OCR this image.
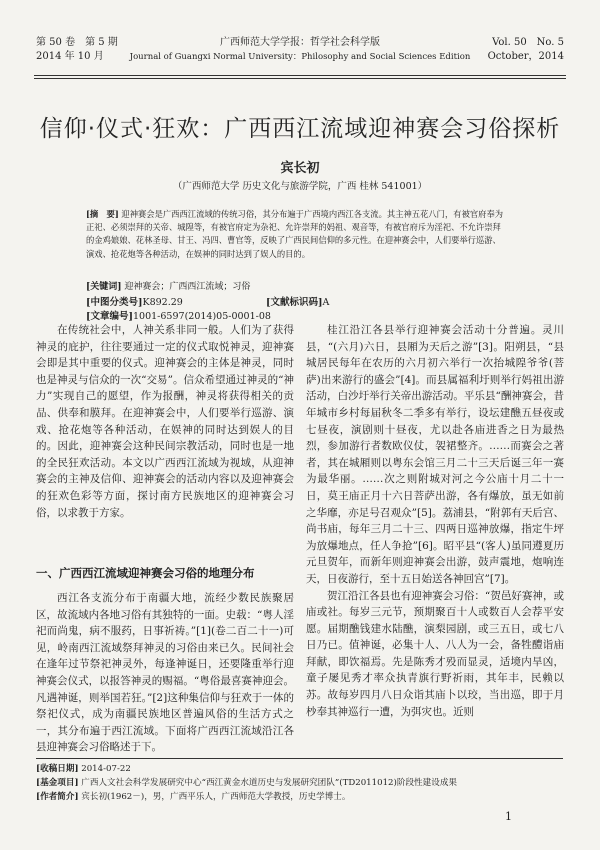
第 50 卷　第 5 期
2014 年 10 月
广西师范大学学报：哲学社会科学版
Journal of Guangxi Normal University：Philosophy and Social Sciences Edition
Vol. 50　No. 5
October，2014
信仰·仪式·狂欢：广西西江流域迎神赛会习俗探析
宾长初
（广西师范大学 历史文化与旅游学院，广西 桂林 541001）
[摘　要] 迎神赛会是广西西江流域的传统习俗，其分布遍于广西境内西江各支流。其主神五花八门，有被官府奉为正祀、必须崇拜的关帝、城隍等，有被官府定为杂祀、允许崇拜的妈祖、观音等，有被官府斥为淫祀、不允许崇拜的金鸡娘娘、花林圣母、甘王、冯四、曹官等，反映了广西民间信仰的多元性。在迎神赛会中，人们要举行巡游、演戏、抢花炮等各种活动，在娱神的同时达到了娱人的目的。
[关键词] 迎神赛会；广西西江流域；习俗
[中图分类号]K892.29	[文献标识码]A[文章编号]1001-6597(2014)05-0001-08

在传统社会中，人神关系非同一般。人们为了获得神灵的庇护，往往要通过一定的仪式取悦神灵，迎神赛会即是其中重要的仪式。迎神赛会的主体是神灵，同时也是神灵与信众的一次“交易”。信众希望通过神灵的“神力”实现自己的愿望，作为报酬，神灵将获得相关的贡品、供奉和膜拜。在迎神赛会中，人们要举行巡游、演戏、抢花炮等各种活动，在娱神的同时达到娱人的目的。因此，迎神赛会这种民间宗教活动，同时也是一地的全民狂欢活动。本文以广西西江流域为视域，从迎神赛会的主神及信仰、迎神赛会的活动内容以及迎神赛会的狂欢色彩等方面，探讨南方民族地区的迎神赛会习俗，以求教于方家。

一、广西西江流域迎神赛会习俗的地理分布

西江各支流分布于南疆大地，流经少数民族聚居区，故流域内各地习俗有其独特的一面。史载：“粤人淫祀而尚鬼，病不服药，日事祈祷。”[1](卷二百二十一)可见，岭南西江流域祭拜神灵的习俗由来已久。民间社会在逢年过节祭祀神灵外，每逢神诞日，还要隆重举行迎神赛会仪式，以报答神灵的赐福。“粤俗最喜赛神迎会。凡遇神诞，则举国若狂。”[2]这种集信仰与狂欢于一体的祭祀仪式，成为南疆民族地区普遍风俗的生活方式之一，其分布遍于西江流域。下面将广西西江流域沿江各县迎神赛会习俗略述于下。

桂江沿江各县举行迎神赛会活动十分普遍。灵川县，“(六月)六日，县厢为天后之游”[3]。阳朔县，“县城居民每年在农历的六月初六举行一次抬城隍爷爷(菩萨)出来游行的盛会”[4]。而县属福利圩则举行妈祖出游活动，白沙圩举行关帝出游活动。平乐县“酬神赛会，昔年城市乡村每届秋冬二季多有举行，设坛建醮五昼夜或七昼夜，演剧则十昼夜，尤以赴各庙进香之日为最热烈，参加游行者数欧仪仗，袈裙整齐。……而赛会之著者，其在城厢则以粤东会馆三月二十三天后诞三年一赛为最华丽。……次之则附城对河之今公庙十月二十一日，莫王庙正月十六日菩萨出游，各有爆放，虽无如前之华靡，亦足号召观众”[5]。荔浦县，“附郭有天后宫、尚书庙，每年三月二十三、四两日巡神放爆，指定牛坪为放爆地点，任人争抢”[6]。昭平县“(客人)虽同遵夏历元旦贺年，而新年则迎神赛会出游，鼓声震地，炮响连天，日夜游行，至十五日始送各神回宫”[7]。

贺江沿江各县也有迎神赛会习俗：“贺邑好赛神，或庙或社。每岁三元节，预期聚百十人或数百人会荐平安愿。届期醮钱建水陆醮，演梨园剧，或三五日，或七八日乃已。值神诞，必集十人、八人为一会，备牲醴诣庙拜献，即饮福焉。先是陈秀才殁而显灵，适境内旱凶，童子屡见秀才率众执青旗行野祈雨，其年丰，民赖以苏。故每岁四月八日众诣其庙卜以珓，当出巡，即于月杪奉其神巡行一遭，为弭灾也。近则

[收稿日期] 2014-07-22
[基金项目] 广西人文社会科学发展研究中心“西江黄金水道历史与发展研究团队”(TD2011012)阶段性建设成果
[作者简介] 宾长初(1962－)，男，广西平乐人，广西师范大学教授，历史学博士。
1
